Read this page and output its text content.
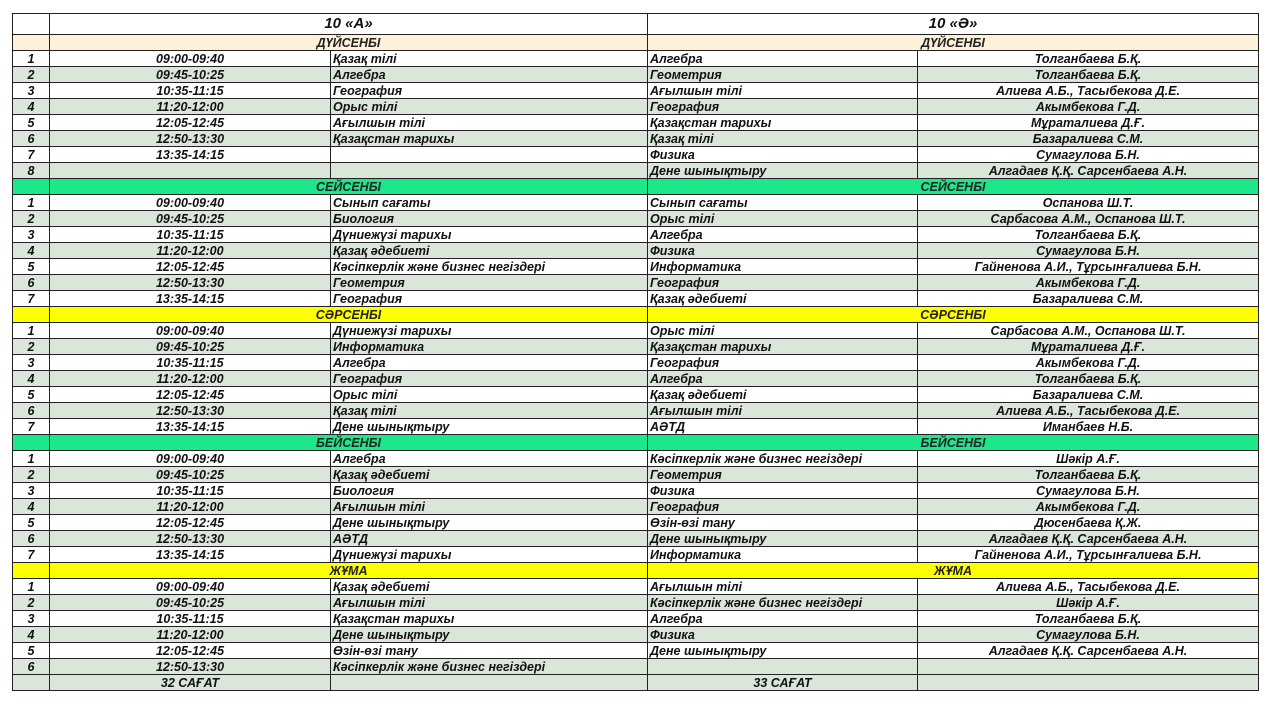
	10 «А»		10 «Ә»	
	ДҮЙСЕНБІ		ДҮЙСЕНБІ	
1	09:00-09:40	Қазақ тілі	Алгебра	Толганбаева Б.Қ.
2	09:45-10:25	Алгебра	Геометрия	Толганбаева Б.Қ.
3	10:35-11:15	География	Ағылшын тілі	Алиева А.Б., Тасыбекова Д.Е.
4	11:20-12:00	Орыс тілі	География	Акымбекова Г.Д.
5	12:05-12:45	Ағылшын тілі	Қазақстан тарихы	Мұраталиева Д.Ғ.
6	12:50-13:30	Қазақстан тарихы	Қазақ тілі	Базаралиева С.М.
7	13:35-14:15		Физика	Сумагулова Б.Н.
8			Дене шынықтыру	Алгадаев Қ.Қ. Сарсенбаева А.Н.
	СЕЙСЕНБІ		СЕЙСЕНБІ	
1	09:00-09:40	Сынып сағаты	Сынып сағаты	Оспанова Ш.Т.
2	09:45-10:25	Биология	Орыс тілі	Сарбасова А.М., Оспанова Ш.Т.
3	10:35-11:15	Дүниежүзі тарихы	Алгебра	Толганбаева Б.Қ.
4	11:20-12:00	Қазақ әдебиеті	Физика	Сумагулова Б.Н.
5	12:05-12:45	Кәсіпкерлік және бизнес негіздері	Информатика	Гайненова А.И., Тұрсынғалиева Б.Н.
6	12:50-13:30	Геометрия	География	Акымбекова Г.Д.
7	13:35-14:15	География	Қазақ әдебиеті	Базаралиева С.М.
	СӘРСЕНБІ		СӘРСЕНБІ	
1	09:00-09:40	Дүниежүзі тарихы	Орыс тілі	Сарбасова А.М., Оспанова Ш.Т.
2	09:45-10:25	Информатика	Қазақстан тарихы	Мұраталиева Д.Ғ.
3	10:35-11:15	Алгебра	География	Акымбекова Г.Д.
4	11:20-12:00	География	Алгебра	Толганбаева Б.Қ.
5	12:05-12:45	Орыс тілі	Қазақ әдебиеті	Базаралиева С.М.
6	12:50-13:30	Қазақ тілі	Ағылшын тілі	Алиева А.Б., Тасыбекова Д.Е.
7	13:35-14:15	Дене шынықтыру	АӘТД	Иманбаев Н.Б.
	БЕЙСЕНБІ		БЕЙСЕНБІ	
1	09:00-09:40	Алгебра	Кәсіпкерлік және бизнес негіздері	Шәкір А.Ғ.
2	09:45-10:25	Қазақ әдебиеті	Геометрия	Толганбаева Б.Қ.
3	10:35-11:15	Биология	Физика	Сумагулова Б.Н.
4	11:20-12:00	Ағылшын тілі	География	Акымбекова Г.Д.
5	12:05-12:45	Дене шынықтыру	Өзін-өзі тану	Дюсенбаева Қ.Ж.
6	12:50-13:30	АӘТД	Дене шынықтыру	Алгадаев Қ.Қ. Сарсенбаева А.Н.
7	13:35-14:15	Дүниежүзі тарихы	Информатика	Гайненова А.И., Тұрсынғалиева Б.Н.
	ЖҰМА		ЖҰМА	
1	09:00-09:40	Қазақ әдебиеті	Ағылшын тілі	Алиева А.Б., Тасыбекова Д.Е.
2	09:45-10:25	Ағылшын тілі	Кәсіпкерлік және бизнес негіздері	Шәкір А.Ғ.
3	10:35-11:15	Қазақстан тарихы	Алгебра	Толганбаева Б.Қ.
4	11:20-12:00	Дене шынықтыру	Физика	Сумагулова Б.Н.
5	12:05-12:45	Өзін-өзі тану	Дене шынықтыру	Алгадаев Қ.Қ. Сарсенбаева А.Н.
6	12:50-13:30	Кәсіпкерлік және бизнес негіздері		
	32 САҒАТ		33 САҒАТ	
